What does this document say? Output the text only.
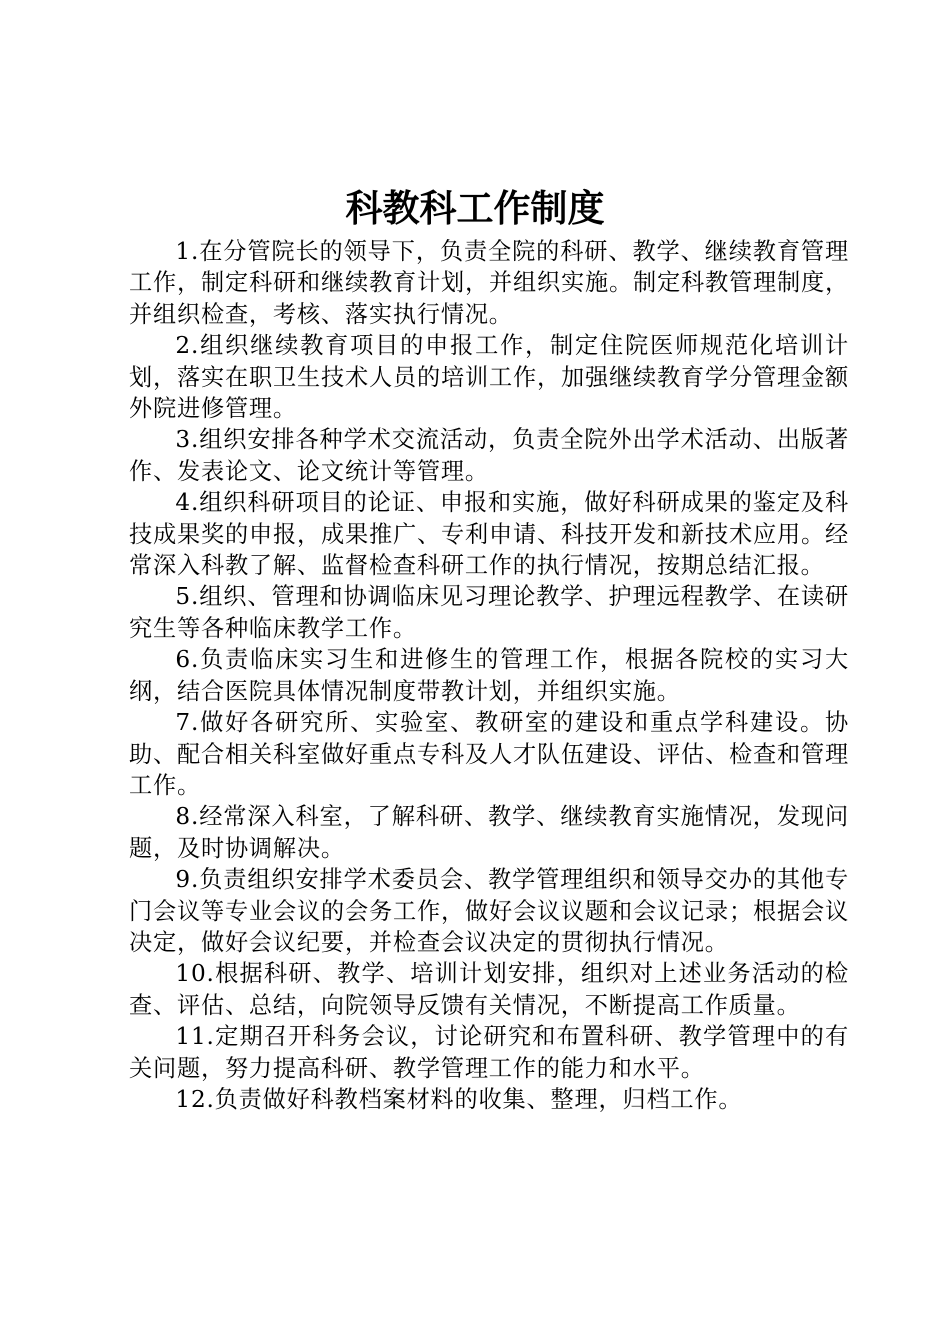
科教科工作制度

1.在分管院长的领导下，负责全院的科研、教学、继续教育管理工作，制定科研和继续教育计划，并组织实施。制定科教管理制度，并组织检查，考核、落实执行情况。

2.组织继续教育项目的申报工作，制定住院医师规范化培训计划，落实在职卫生技术人员的培训工作，加强继续教育学分管理金额外院进修管理。

3.组织安排各种学术交流活动，负责全院外出学术活动、出版著作、发表论文、论文统计等管理。

4.组织科研项目的论证、申报和实施，做好科研成果的鉴定及科技成果奖的申报，成果推广、专利申请、科技开发和新技术应用。经常深入科教了解、监督检查科研工作的执行情况，按期总结汇报。

5.组织、管理和协调临床见习理论教学、护理远程教学、在读研究生等各种临床教学工作。

6.负责临床实习生和进修生的管理工作，根据各院校的实习大纲，结合医院具体情况制度带教计划，并组织实施。

7.做好各研究所、实验室、教研室的建设和重点学科建设。协助、配合相关科室做好重点专科及人才队伍建设、评估、检查和管理工作。

8.经常深入科室，了解科研、教学、继续教育实施情况，发现问题，及时协调解决。

9.负责组织安排学术委员会、教学管理组织和领导交办的其他专门会议等专业会议的会务工作，做好会议议题和会议记录；根据会议决定，做好会议纪要，并检查会议决定的贯彻执行情况。

10.根据科研、教学、培训计划安排，组织对上述业务活动的检查、评估、总结，向院领导反馈有关情况，不断提高工作质量。

11.定期召开科务会议，讨论研究和布置科研、教学管理中的有关问题，努力提高科研、教学管理工作的能力和水平。

12.负责做好科教档案材料的收集、整理，归档工作。
